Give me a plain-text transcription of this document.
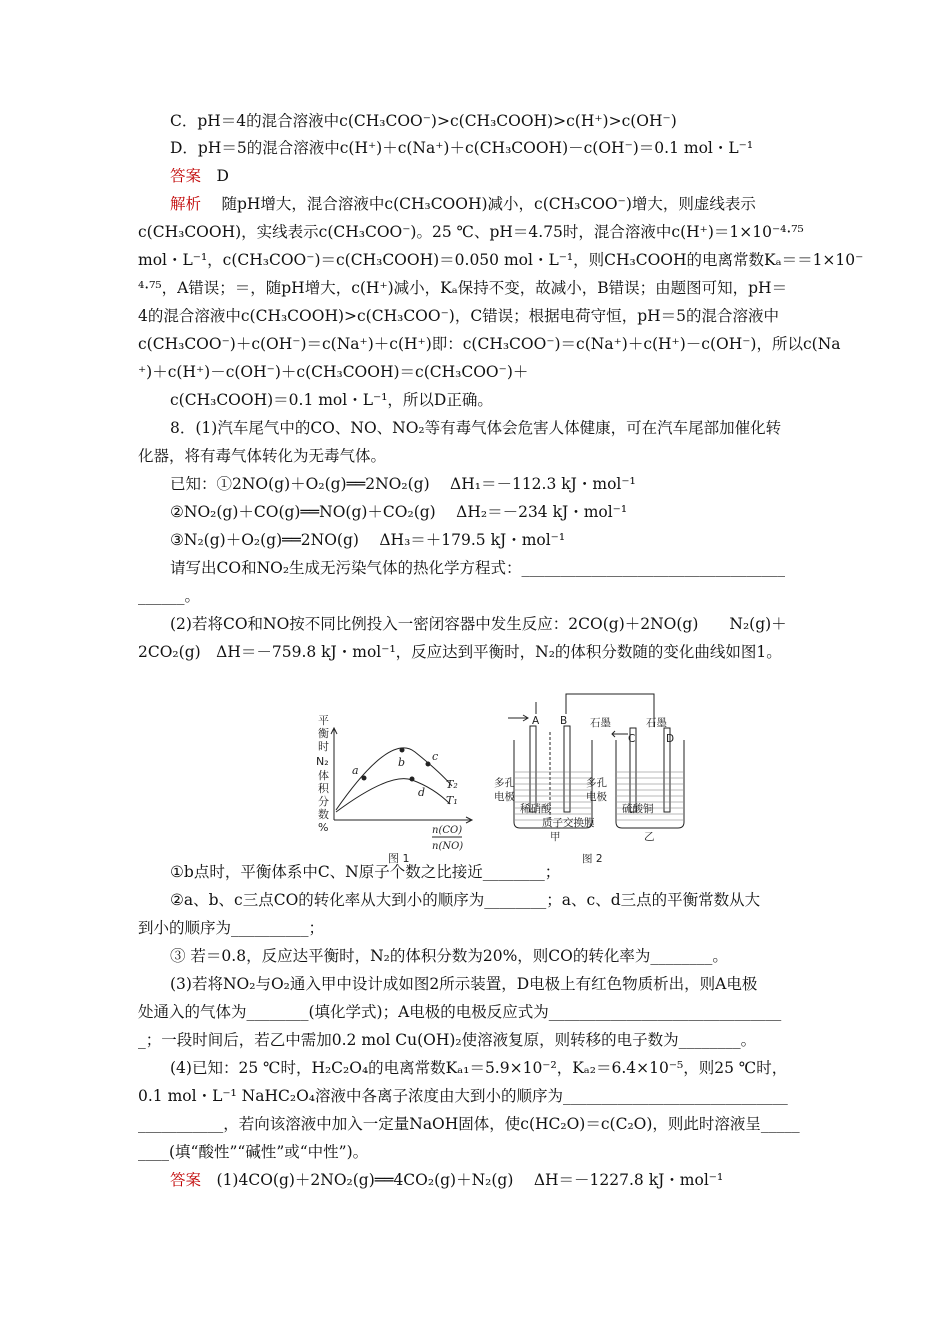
C．pH＝4的混合溶液中c(CH₃COO⁻)>c(CH₃COOH)>c(H⁺)>c(OH⁻)
D．pH＝5的混合溶液中c(H⁺)＋c(Na⁺)＋c(CH₃COOH)－c(OH⁻)＝0.1 mol・L⁻¹
答案　D
解析　 随pH增大，混合溶液中c(CH₃COOH)减小，c(CH₃COO⁻)增大，则虚线表示
c(CH₃COOH)，实线表示c(CH₃COO⁻)。25 ℃、pH＝4.75时，混合溶液中c(H⁺)＝1×10⁻⁴·⁷⁵
mol・L⁻¹，c(CH₃COO⁻)＝c(CH₃COOH)＝0.050 mol・L⁻¹，则CH₃COOH的电离常数Kₐ＝＝1×10⁻
⁴·⁷⁵，A错误；＝，随pH增大，c(H⁺)减小，Kₐ保持不变，故减小，B错误；由题图可知，pH＝
4的混合溶液中c(CH₃COOH)>c(CH₃COO⁻)，C错误；根据电荷守恒，pH＝5的混合溶液中
c(CH₃COO⁻)＋c(OH⁻)＝c(Na⁺)＋c(H⁺)即：c(CH₃COO⁻)＝c(Na⁺)＋c(H⁺)－c(OH⁻)，所以c(Na
⁺)＋c(H⁺)－c(OH⁻)＋c(CH₃COOH)＝c(CH₃COO⁻)＋
c(CH₃COOH)＝0.1 mol・L⁻¹，所以D正确。
8．(1)汽车尾气中的CO、NO、NO₂等有毒气体会危害人体健康，可在汽车尾部加催化转
化器，将有毒气体转化为无毒气体。
已知：①2NO(g)＋O₂(g)══2NO₂(g)　 ΔH₁＝－112.3 kJ・mol⁻¹
②NO₂(g)＋CO(g)══NO(g)＋CO₂(g)　 ΔH₂＝－234 kJ・mol⁻¹
③N₂(g)＋O₂(g)══2NO(g)　 ΔH₃＝＋179.5 kJ・mol⁻¹
请写出CO和NO₂生成无污染气体的热化学方程式：__________________________________
______。
(2)若将CO和NO按不同比例投入一密闭容器中发生反应：2CO(g)＋2NO(g)　　N₂(g)＋
2CO₂(g)　ΔH＝－759.8 kJ・mol⁻¹，反应达到平衡时，N₂的体积分数随的变化曲线如图1。
①b点时，平衡体系中C、N原子个数之比接近________；
②a、b、c三点CO的转化率从大到小的顺序为________；a、c、d三点的平衡常数从大
到小的顺序为__________；
③ 若＝0.8，反应达平衡时，N₂的体积分数为20%，则CO的转化率为________。
(3)若将NO₂与O₂通入甲中设计成如图2所示装置，D电极上有红色物质析出，则A电极
处通入的气体为________(填化学式)；A电极的电极反应式为______________________________
_；一段时间后，若乙中需加0.2 mol Cu(OH)₂使溶液复原，则转移的电子数为________。
(4)已知：25 ℃时，H₂C₂O₄的电离常数Kₐ₁＝5.9×10⁻²，Kₐ₂＝6.4×10⁻⁵，则25 ℃时，
0.1 mol・L⁻¹ NaHC₂O₄溶液中各离子浓度由大到小的顺序为_____________________________
___________，若向该溶液中加入一定量NaOH固体，使c(HC₂O)＝c(C₂O)，则此时溶液呈_____
____(填“酸性”“碱性”或“中性”)。
答案　(1)4CO(g)＋2NO₂(g)══4CO₂(g)＋N₂(g)　 ΔH＝－1227.8 kJ・mol⁻¹
平
衡
时
N₂
体
积
分
数
%
a
b c
d
T₂
T₁
n(CO)
n(NO)
图 1
A B 石墨
C
石墨
D
多孔
电极
多孔
电极
稀硝酸
质子交换膜
硫酸铜
甲	乙
图 2
